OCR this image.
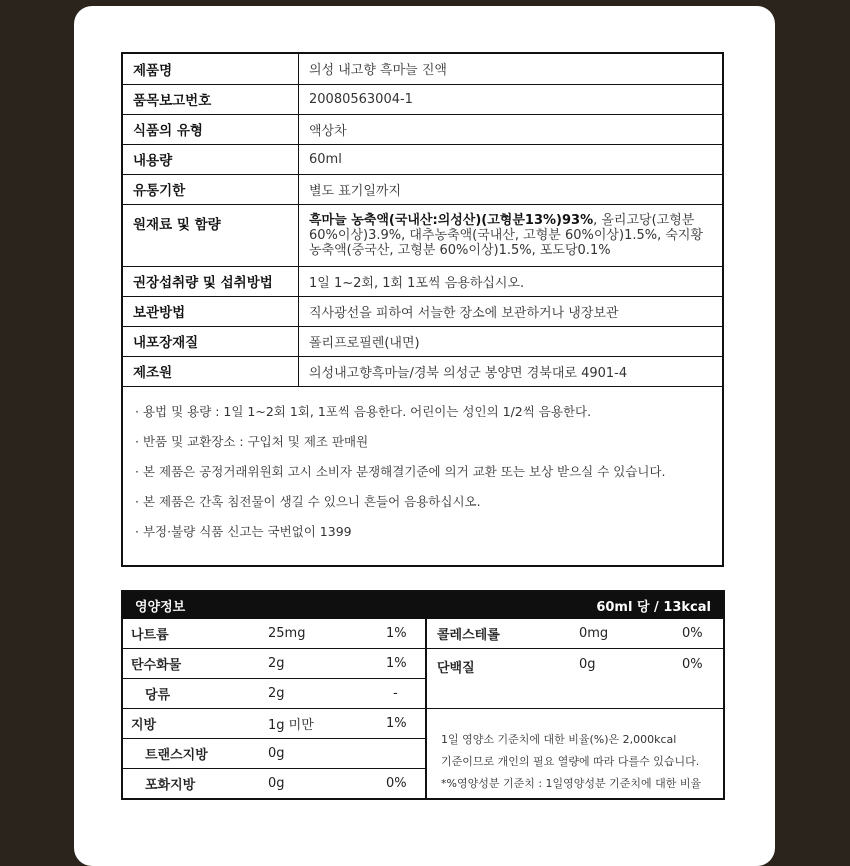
제품명	의성 내고향 흑마늘 진액
품목보고번호	20080563004-1
식품의 유형	액상차
내용량	60ml
유통기한	별도 표기일까지
원재료 및 함량	흑마늘 농축액(국내산:의성산)(고형분13%)93%, 올리고당(고형분 60%이상)3.9%, 대추농축액(국내산, 고형분 60%이상)1.5%, 숙지황농축액(중국산, 고형분 60%이상)1.5%, 포도당0.1%
권장섭취량 및 섭취방법	1일 1~2회, 1회 1포씩 음용하십시오.
보관방법	직사광선을 피하여 서늘한 장소에 보관하거나 냉장보관
내포장재질	폴리프로필렌(내면)
제조원	의성내고향흑마늘/경북 의성군 봉양면 경북대로 4901-4
· 용법 및 용량 : 1일 1~2회 1회, 1포씩 음용한다. 어린이는 성인의 1/2씩 음용한다.
· 반품 및 교환장소 : 구입처 및 제조 판매원
· 본 제품은 공정거래위원회 고시 소비자 분쟁해결기준에 의거 교환 또는 보상 받으실 수 있습니다.
· 본 제품은 간혹 침전물이 생길 수 있으니 흔들어 음용하십시오.
· 부정·불량 식품 신고는 국번없이 1399
영양정보	60ml 당 / 13kcal
나트륨	25mg	1%
탄수화물	2g	1%
당류	2g	-
지방	1g 미만	1%
트랜스지방	0g
포화지방	0g	0%
콜레스테롤	0mg	0%
단백질	0g	0%
1일 영양소 기준치에 대한 비율(%)은 2,000kcal
기준이므로 개인의 필요 열량에 따라 다를수 있습니다.
*%영양성분 기준치 : 1일영양성분 기준치에 대한 비율
